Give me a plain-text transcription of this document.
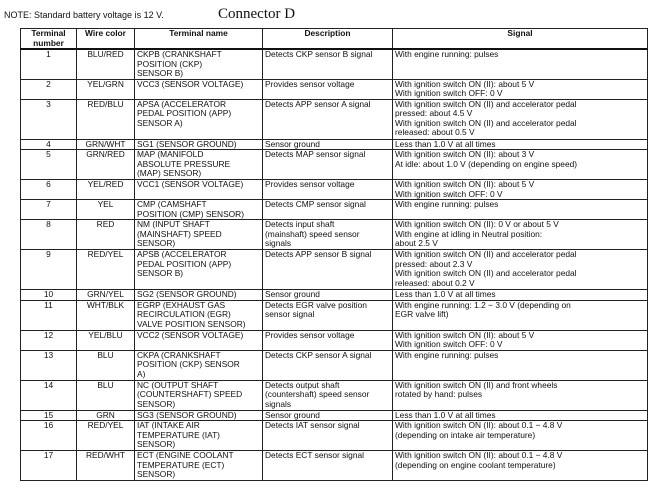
NOTE: Standard battery voltage is 12 V.	Connector D
Terminal
number	Wire color	Terminal name	Description	Signal
1	BLU/RED	CKPB (CRANKSHAFT
POSITION (CKP)
SENSOR B)	Detects CKP sensor B signal	With engine running: pulses
2	YEL/GRN	VCC3 (SENSOR VOLTAGE)	Provides sensor voltage	With ignition switch ON (II): about 5 V
With ignition switch OFF: 0 V
3	RED/BLU	APSA (ACCELERATOR
PEDAL POSITION (APP)
SENSOR A)	Detects APP sensor A signal	With ignition switch ON (II) and accelerator pedal
pressed: about 4.5 V
With ignition switch ON (II) and accelerator pedal
released: about 0.5 V
4	GRN/WHT	SG1 (SENSOR GROUND)	Sensor ground	Less than 1.0 V at all times
5	GRN/RED	MAP (MANIFOLD
ABSOLUTE PRESSURE
(MAP) SENSOR)	Detects MAP sensor signal	With ignition switch ON (II): about 3 V
At idle: about 1.0 V (depending on engine speed)
6	YEL/RED	VCC1 (SENSOR VOLTAGE)	Provides sensor voltage	With ignition switch ON (II): about 5 V
With ignition switch OFF: 0 V
7	YEL	CMP (CAMSHAFT
POSITION (CMP) SENSOR)	Detects CMP sensor signal	With engine running: pulses
8	RED	NM (INPUT SHAFT
(MAINSHAFT) SPEED
SENSOR)	Detects input shaft
(mainshaft) speed sensor
signals	With ignition switch ON (II): 0 V or about 5 V
With engine at idling in Neutral position:
about 2.5 V
9	RED/YEL	APSB (ACCELERATOR
PEDAL POSITION (APP)
SENSOR B)	Detects APP sensor B signal	With ignition switch ON (II) and accelerator pedal
pressed: about 2.3 V
With ignition switch ON (II) and accelerator pedal
released: about 0.2 V
10	GRN/YEL	SG2 (SENSOR GROUND)	Sensor ground	Less than 1.0 V at all times
11	WHT/BLK	EGRP (EXHAUST GAS
RECIRCULATION (EGR)
VALVE POSITION SENSOR)	Detects EGR valve position
sensor signal	With engine running: 1.2 − 3.0 V (depending on
EGR valve lift)
12	YEL/BLU	VCC2 (SENSOR VOLTAGE)	Provides sensor voltage	With ignition switch ON (II): about 5 V
With ignition switch OFF: 0 V
13	BLU	CKPA (CRANKSHAFT
POSITION (CKP) SENSOR
A)	Detects CKP sensor A signal	With engine running: pulses
14	BLU	NC (OUTPUT SHAFT
(COUNTERSHAFT) SPEED
SENSOR)	Detects output shaft
(countershaft) speed sensor
signals	With ignition switch ON (II) and front wheels
rotated by hand: pulses
15	GRN	SG3 (SENSOR GROUND)	Sensor ground	Less than 1.0 V at all times
16	RED/YEL	IAT (INTAKE AIR
TEMPERATURE (IAT)
SENSOR)	Detects IAT sensor signal	With ignition switch ON (II): about 0.1 − 4.8 V
(depending on intake air temperature)
17	RED/WHT	ECT (ENGINE COOLANT
TEMPERATURE (ECT)
SENSOR)	Detects ECT sensor signal	With ignition switch ON (II): about 0.1 − 4.8 V
(depending on engine coolant temperature)
